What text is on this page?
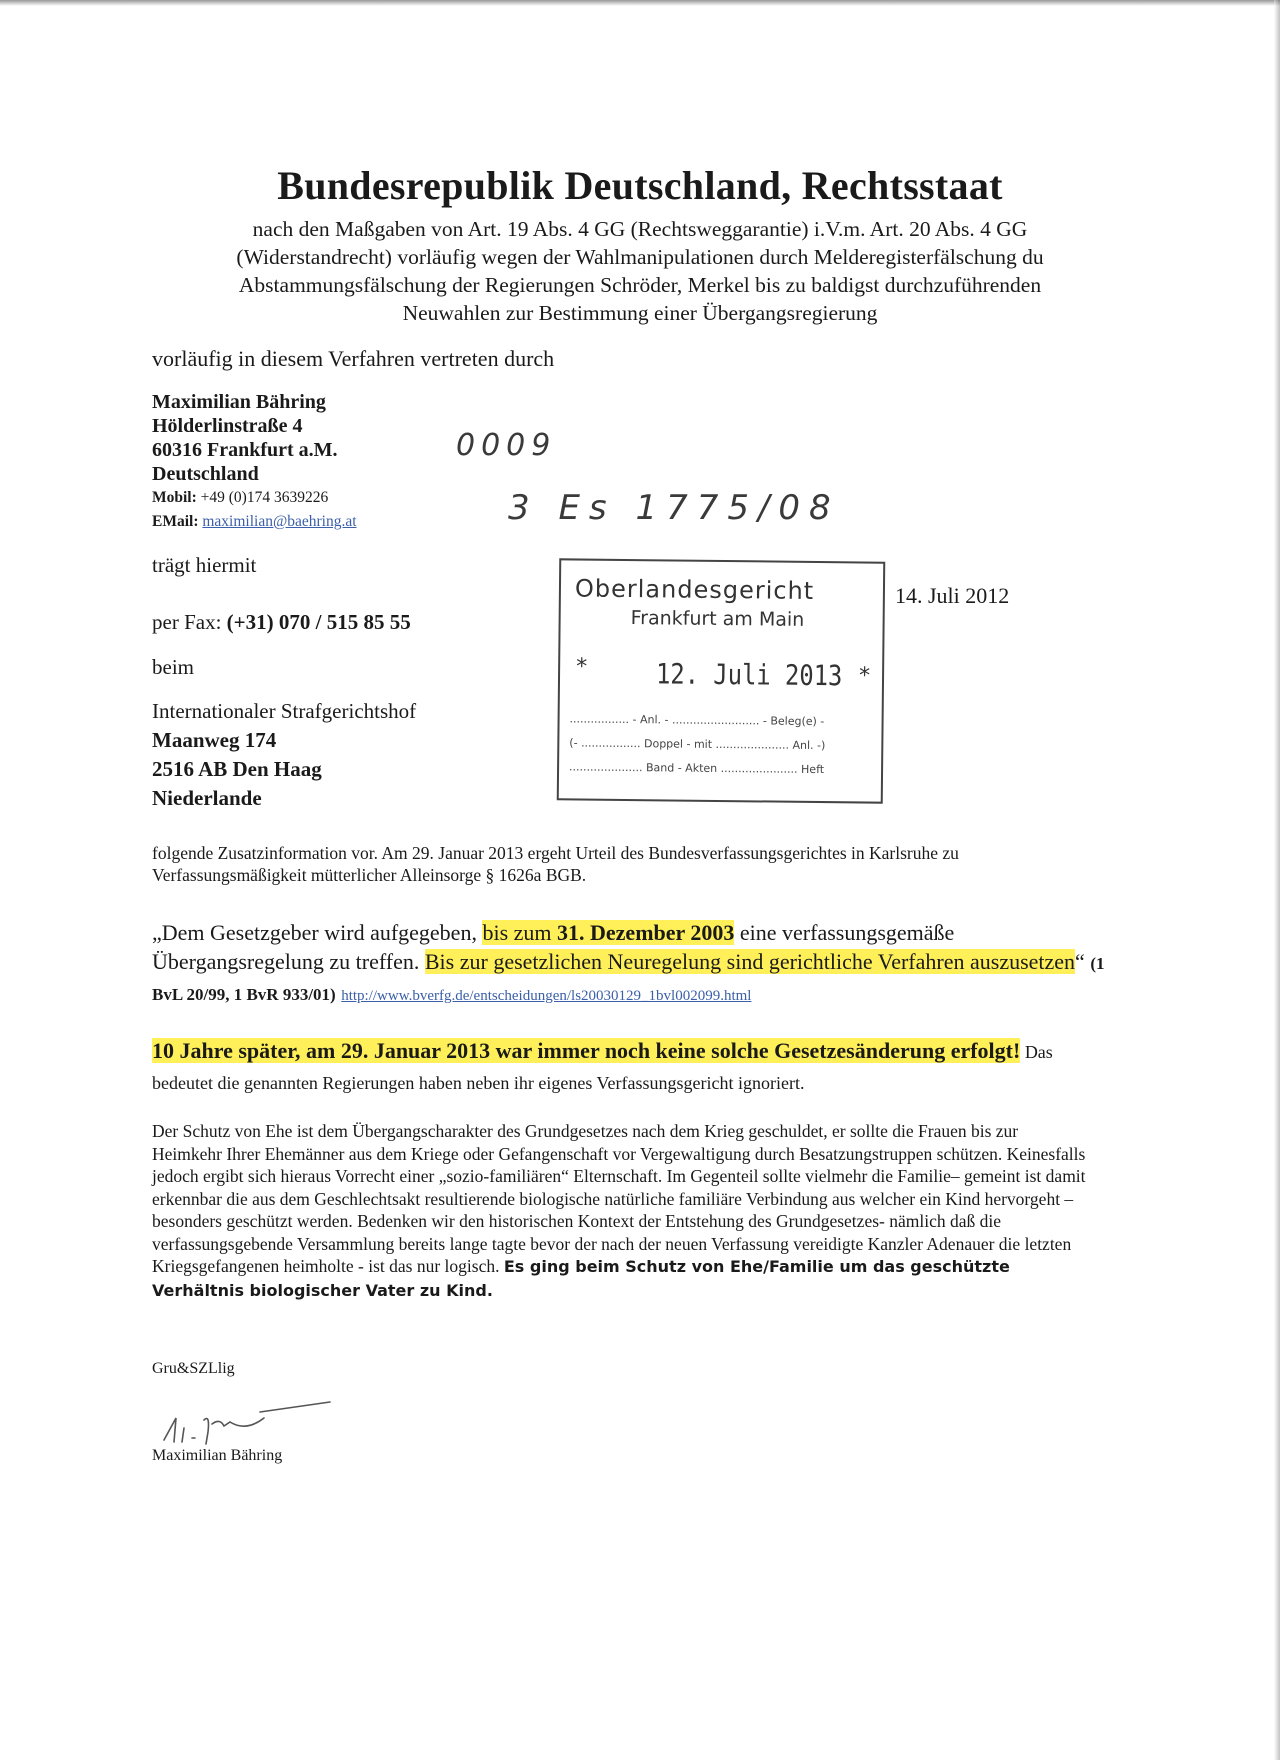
Bundesrepublik Deutschland, Rechtsstaat
nach den Maßgaben von Art. 19 Abs. 4 GG (Rechtsweggarantie) i.V.m. Art. 20 Abs. 4 GG
(Widerstandrecht) vorläufig wegen der Wahlmanipulationen durch Melderegisterfälschung du
Abstammungsfälschung der Regierungen Schröder, Merkel bis zu baldigst durchzuführenden
Neuwahlen zur Bestimmung einer Übergangsregierung
vorläufig in diesem Verfahren vertreten durch
Maximilian Bähring
Hölderlinstraße 4
60316 Frankfurt a.M.
Deutschland
Mobil: +49 (0)174 3639226
EMail: maximilian@baehring.at
0009
3 Es 1775/08
trägt hiermit
per Fax: (+31) 070 / 515 85 55
beim
Internationaler Strafgerichtshof
Maanweg 174
2516 AB Den Haag
Niederlande
Oberlandesgericht
Frankfurt am Main
* 12. Juli 2013 *
................. - Anl. - ......................... - Beleg(e) -
(- ................. Doppel - mit ..................... Anl. -)
..................... Band - Akten ...................... Heft
14. Juli 2012
folgende Zusatzinformation vor. Am 29. Januar 2013 ergeht Urteil des Bundesverfassungsgerichtes in Karlsruhe zu Verfassungsmäßigkeit mütterlicher Alleinsorge § 1626a BGB.
„Dem Gesetzgeber wird aufgegeben, bis zum 31. Dezember 2003 eine verfassungsgemäße Übergangsregelung zu treffen. Bis zur gesetzlichen Neuregelung sind gerichtliche Verfahren auszusetzen“ (1 BvL 20/99, 1 BvR 933/01) http://www.bverfg.de/entscheidungen/ls20030129_1bvl002099.html
10 Jahre später, am 29. Januar 2013 war immer noch keine solche Gesetzesänderung erfolgt! Das bedeutet die genannten Regierungen haben neben ihr eigenes Verfassungsgericht ignoriert.
Der Schutz von Ehe ist dem Übergangscharakter des Grundgesetzes nach dem Krieg geschuldet, er sollte die Frauen bis zur Heimkehr Ihrer Ehemänner aus dem Kriege oder Gefangenschaft vor Vergewaltigung durch Besatzungstruppen schützen. Keinesfalls jedoch ergibt sich hieraus Vorrecht einer „sozio-familiären“ Elternschaft. Im Gegenteil sollte vielmehr die Familie– gemeint ist damit erkennbar die aus dem Geschlechtsakt resultierende biologische natürliche familiäre Verbindung aus welcher ein Kind hervorgeht – besonders geschützt werden. Bedenken wir den historischen Kontext der Entstehung des Grundgesetzes- nämlich daß die verfassungsgebende Versammlung bereits lange tagte bevor der nach der neuen Verfassung vereidigte Kanzler Adenauer die letzten Kriegsgefangenen heimholte - ist das nur logisch. Es ging beim Schutz von Ehe/Familie um das geschützte Verhältnis biologischer Vater zu Kind.
Gru&SZLlig
Maximilian Bähring
